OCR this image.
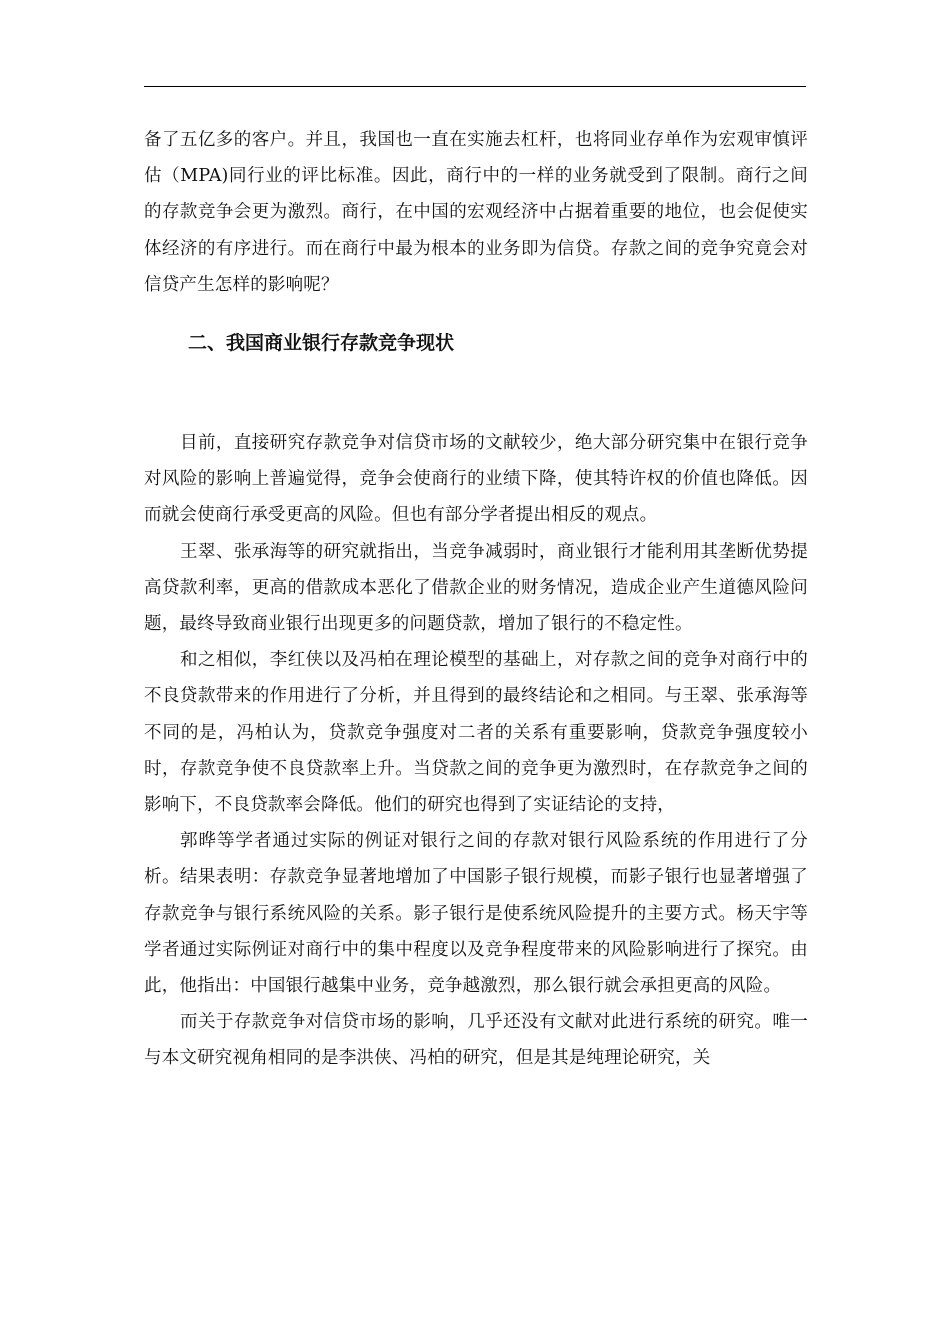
备了五亿多的客户。并且，我国也一直在实施去杠杆，也将同业存单作为宏观审慎评估（MPA)同行业的评比标准。因此，商行中的一样的业务就受到了限制。商行之间的存款竞争会更为激烈。商行，在中国的宏观经济中占据着重要的地位，也会促使实体经济的有序进行。而在商行中最为根本的业务即为信贷。存款之间的竞争究竟会对信贷产生怎样的影响呢？

二、我国商业银行存款竞争现状

目前，直接研究存款竞争对信贷市场的文献较少，绝大部分研究集中在银行竞争对风险的影响上普遍觉得，竞争会使商行的业绩下降，使其特许权的价值也降低。因而就会使商行承受更高的风险。但也有部分学者提出相反的观点。

王翠、张承海等的研究就指出，当竞争减弱时，商业银行才能利用其垄断优势提高贷款利率，更高的借款成本恶化了借款企业的财务情况，造成企业产生道德风险问题，最终导致商业银行出现更多的问题贷款，增加了银行的不稳定性。

和之相似，李红侠以及冯柏在理论模型的基础上，对存款之间的竞争对商行中的不良贷款带来的作用进行了分析，并且得到的最终结论和之相同。与王翠、张承海等不同的是，冯柏认为，贷款竞争强度对二者的关系有重要影响，贷款竞争强度较小时，存款竞争使不良贷款率上升。当贷款之间的竞争更为激烈时，在存款竞争之间的影响下，不良贷款率会降低。他们的研究也得到了实证结论的支持，

郭晔等学者通过实际的例证对银行之间的存款对银行风险系统的作用进行了分析。结果表明：存款竞争显著地增加了中国影子银行规模，而影子银行也显著增强了存款竞争与银行系统风险的关系。影子银行是使系统风险提升的主要方式。杨天宇等学者通过实际例证对商行中的集中程度以及竞争程度带来的风险影响进行了探究。由此，他指出：中国银行越集中业务，竞争越激烈，那么银行就会承担更高的风险。

而关于存款竞争对信贷市场的影响，几乎还没有文献对此进行系统的研究。唯一与本文研究视角相同的是李洪侠、冯柏的研究，但是其是纯理论研究，关
